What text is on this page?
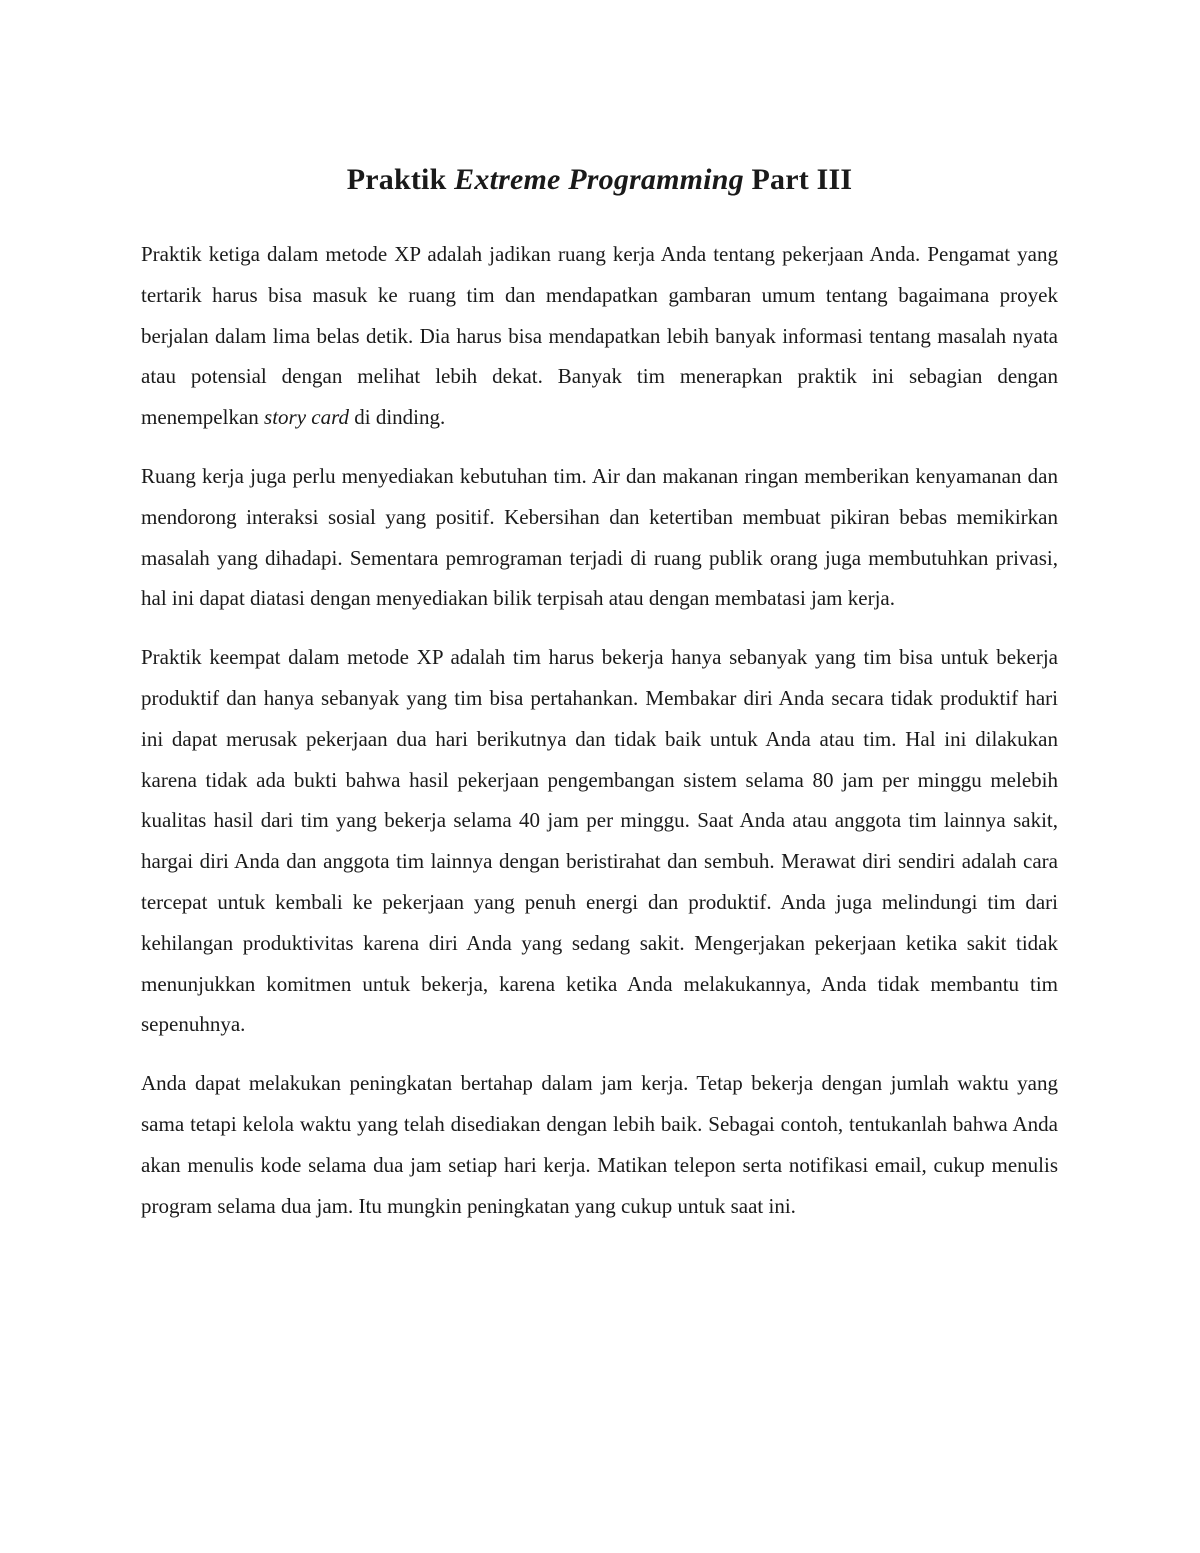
Praktik Extreme Programming Part III

Praktik ketiga dalam metode XP adalah jadikan ruang kerja Anda tentang pekerjaan Anda. Pengamat yang tertarik harus bisa masuk ke ruang tim dan mendapatkan gambaran umum tentang bagaimana proyek berjalan dalam lima belas detik. Dia harus bisa mendapatkan lebih banyak informasi tentang masalah nyata atau potensial dengan melihat lebih dekat. Banyak tim menerapkan praktik ini sebagian dengan menempelkan story card di dinding.

Ruang kerja juga perlu menyediakan kebutuhan tim. Air dan makanan ringan memberikan kenyamanan dan mendorong interaksi sosial yang positif. Kebersihan dan ketertiban membuat pikiran bebas memikirkan masalah yang dihadapi. Sementara pemrograman terjadi di ruang publik orang juga membutuhkan privasi, hal ini dapat diatasi dengan menyediakan bilik terpisah atau dengan membatasi jam kerja.

Praktik keempat dalam metode XP adalah tim harus bekerja hanya sebanyak yang tim bisa untuk bekerja produktif dan hanya sebanyak yang tim bisa pertahankan. Membakar diri Anda secara tidak produktif hari ini dapat merusak pekerjaan dua hari berikutnya dan tidak baik untuk Anda atau tim. Hal ini dilakukan karena tidak ada bukti bahwa hasil pekerjaan pengembangan sistem selama 80 jam per minggu melebih kualitas hasil dari tim yang bekerja selama 40 jam per minggu. Saat Anda atau anggota tim lainnya sakit, hargai diri Anda dan anggota tim lainnya dengan beristirahat dan sembuh. Merawat diri sendiri adalah cara tercepat untuk kembali ke pekerjaan yang penuh energi dan produktif. Anda juga melindungi tim dari kehilangan produktivitas karena diri Anda yang sedang sakit. Mengerjakan pekerjaan ketika sakit tidak menunjukkan komitmen untuk bekerja, karena ketika Anda melakukannya, Anda tidak membantu tim sepenuhnya.

Anda dapat melakukan peningkatan bertahap dalam jam kerja. Tetap bekerja dengan jumlah waktu yang sama tetapi kelola waktu yang telah disediakan dengan lebih baik. Sebagai contoh, tentukanlah bahwa Anda akan menulis kode selama dua jam setiap hari kerja. Matikan telepon serta notifikasi email, cukup menulis program selama dua jam. Itu mungkin peningkatan yang cukup untuk saat ini.
